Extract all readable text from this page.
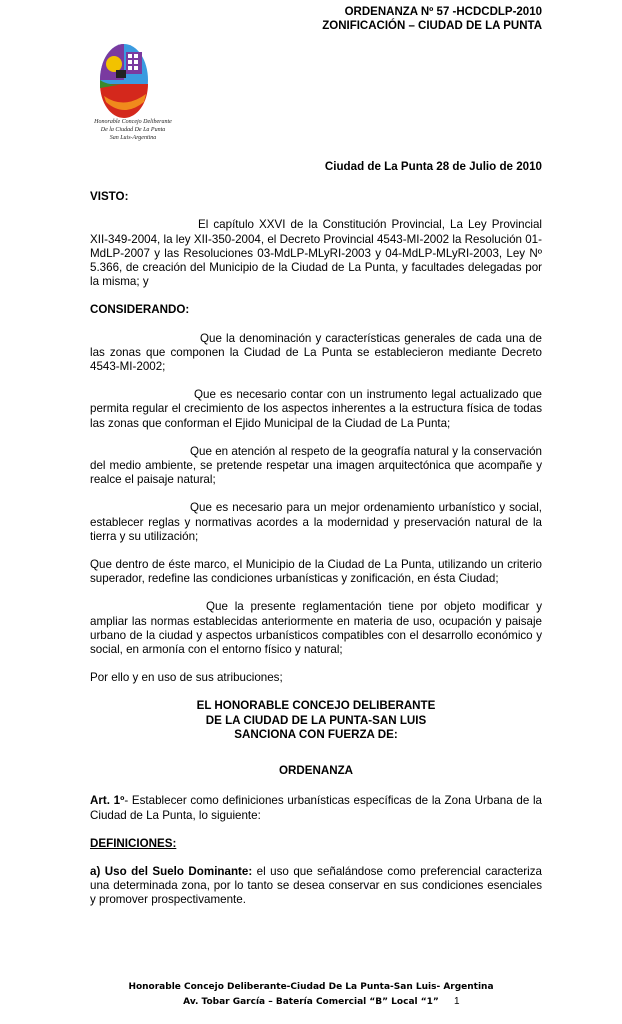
ORDENANZA Nº 57 -HCDCDLP-2010
ZONIFICACIÓN – CIUDAD DE LA PUNTA
Honorable Concejo Deliberante
De la Ciudad De La Punta
San Luis-Argentina
Ciudad de La Punta 28 de Julio de 2010
VISTO:

El capítulo XXVI de la Constitución Provincial, La Ley Provincial XII-349-2004, la ley XII-350-2004, el Decreto Provincial 4543-MI-2002 la Resolución 01-MdLP-2007 y las Resoluciones 03-MdLP-MLyRI-2003 y 04-MdLP-MLyRI-2003, Ley Nº 5.366, de creación del Municipio de la Ciudad de La Punta, y facultades delegadas por la misma; y

CONSIDERANDO:

Que la denominación y características generales de cada una de las zonas que componen la Ciudad de La Punta se establecieron mediante Decreto 4543-MI-2002;

Que es necesario contar con un instrumento legal actualizado que permita regular el crecimiento de los aspectos inherentes a la estructura física de todas las zonas que conforman el Ejido Municipal de la Ciudad de La Punta;

Que en atención al respeto de la geografía natural y la conservación del medio ambiente, se pretende respetar una imagen arquitectónica que acompañe y realce el paisaje natural;

Que es necesario para un mejor ordenamiento urbanístico y social, establecer reglas y normativas acordes a la modernidad y preservación natural de la tierra y su utilización;

Que dentro de éste marco, el Municipio de la Ciudad de La Punta, utilizando un criterio superador, redefine las condiciones urbanísticas y zonificación, en ésta Ciudad;

Que la presente reglamentación tiene por objeto modificar y ampliar las normas establecidas anteriormente en materia de uso, ocupación y paisaje urbano de la ciudad y aspectos urbanísticos compatibles con el desarrollo económico y social, en armonía con el entorno físico y natural;

Por ello y en uso de sus atribuciones;

EL HONORABLE CONCEJO DELIBERANTE
DE LA CIUDAD DE LA PUNTA-SAN LUIS
SANCIONA CON FUERZA DE:
ORDENANZA

Art. 1º- Establecer como definiciones urbanísticas específicas de la Zona Urbana de la Ciudad de La Punta, lo siguiente:

DEFINICIONES:

a) Uso del Suelo Dominante: el uso que señalándose como preferencial caracteriza una determinada zona, por lo tanto se desea conservar en sus condiciones esenciales y promover prospectivamente.

Honorable Concejo Deliberante-Ciudad De La Punta-San Luis- Argentina
Av. Tobar García – Batería Comercial “B” Local “1”	1
